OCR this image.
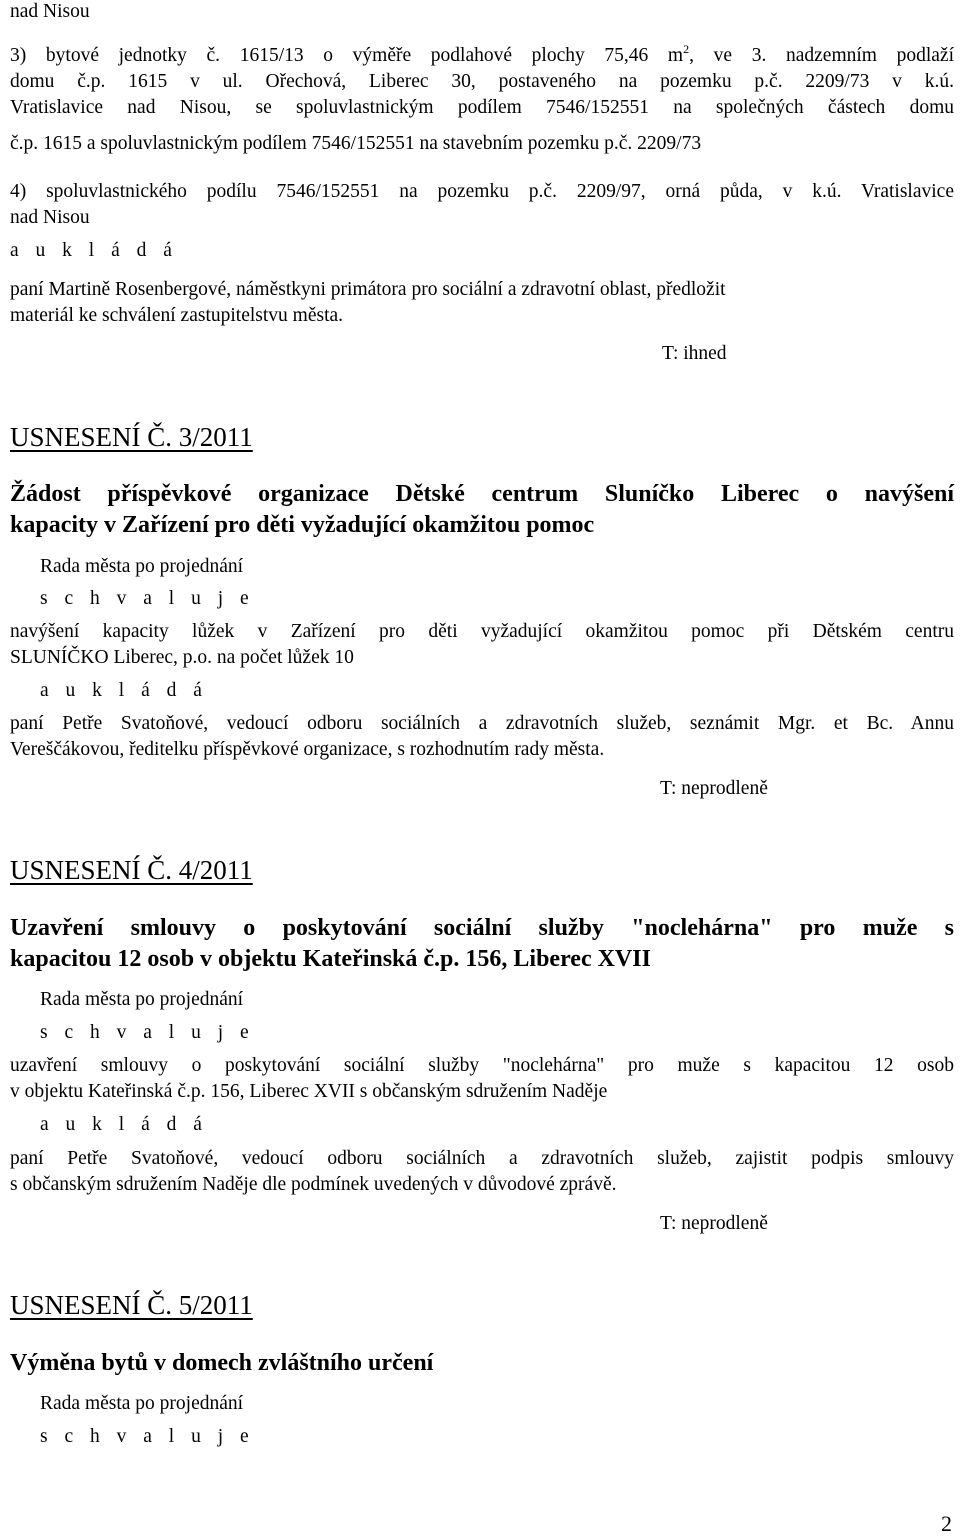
nad Nisou
3) bytové jednotky č. 1615/13 o výměře podlahové plochy 75,46 $m^2$, ve 3. nadzemním podlaží
domu č.p. 1615 v ul. Ořechová, Liberec 30, postaveného na pozemku p.č. 2209/73 v k.ú.
Vratislavice nad Nisou, se spoluvlastnickým podílem 7546/152551 na společných částech domu
č.p. 1615 a spoluvlastnickým podílem 7546/152551 na stavebním pozemku p.č. 2209/73
4) spoluvlastnického podílu 7546/152551 na pozemku p.č. 2209/97, orná půda, v k.ú. Vratislavice
nad Nisou
a u k l á d á
paní Martině Rosenbergové, náměstkyni primátora pro sociální a zdravotní oblast, předložit
materiál ke schválení zastupitelstvu města.
T: ihned
USNESENÍ Č. 3/2011
Žádost příspěvkové organizace Dětské centrum Sluníčko Liberec o navýšení
kapacity v Zařízení pro děti vyžadující okamžitou pomoc
Rada města po projednání
s c h v a l u j e
navýšení kapacity lůžek v Zařízení pro děti vyžadující okamžitou pomoc při Dětském centru
SLUNÍČKO Liberec, p.o. na počet lůžek 10
a u k l á d á
paní Petře Svatoňové, vedoucí odboru sociálních a zdravotních služeb, seznámit Mgr. et Bc. Annu
Vereščákovou, ředitelku příspěvkové organizace, s rozhodnutím rady města.
T: neprodleně
USNESENÍ Č. 4/2011
Uzavření smlouvy o poskytování sociální služby "noclehárna" pro muže s
kapacitou 12 osob v objektu Kateřinská č.p. 156, Liberec XVII
Rada města po projednání
s c h v a l u j e
uzavření smlouvy o poskytování sociální služby "noclehárna" pro muže s kapacitou 12 osob
v objektu Kateřinská č.p. 156, Liberec XVII s občanským sdružením Naděje
a u k l á d á
paní Petře Svatoňové, vedoucí odboru sociálních a zdravotních služeb, zajistit podpis smlouvy
s občanským sdružením Naděje dle podmínek uvedených v důvodové zprávě.
T: neprodleně
USNESENÍ Č. 5/2011
Výměna bytů v domech zvláštního určení
Rada města po projednání
s c h v a l u j e
2
